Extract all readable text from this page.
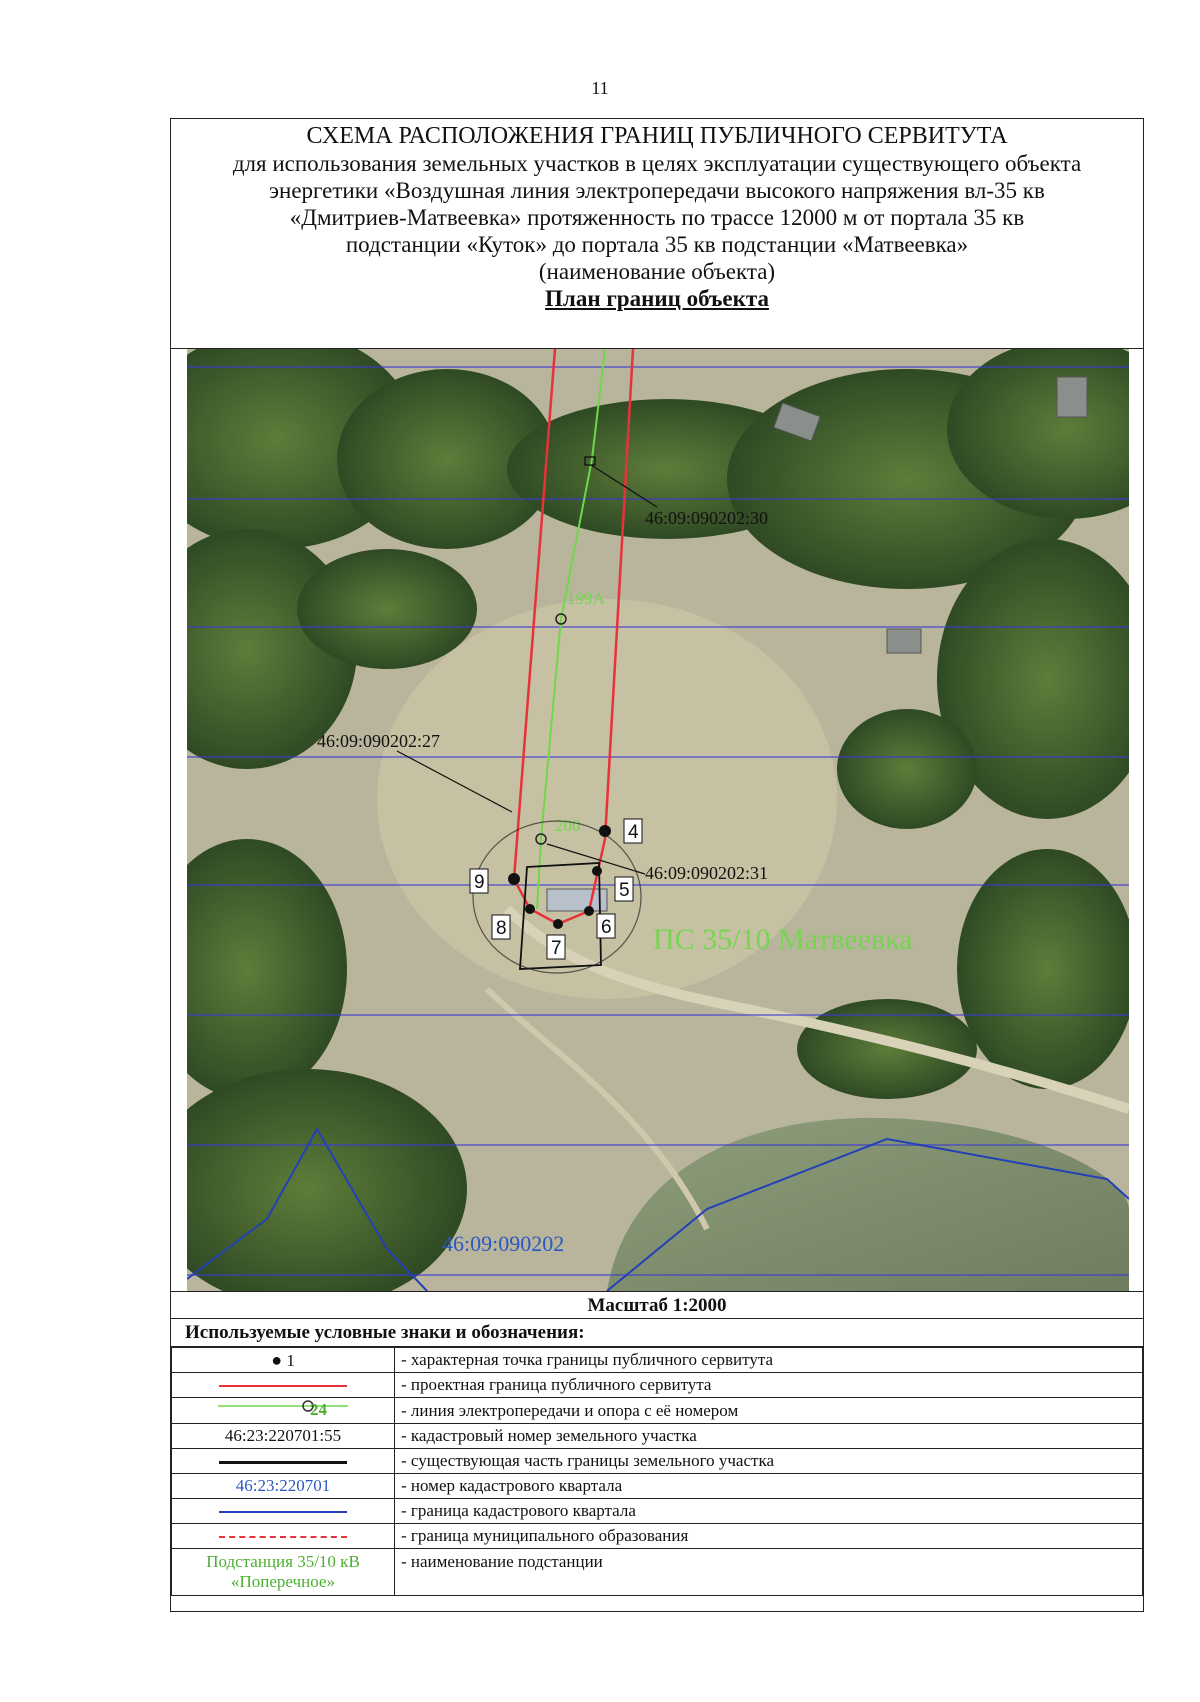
11
СХЕМА РАСПОЛОЖЕНИЯ ГРАНИЦ ПУБЛИЧНОГО СЕРВИТУТА
для использования земельных участков в целях эксплуатации существующего объекта
энергетики «Воздушная линия электропередачи высокого напряжения вл-35 кв
«Дмитриев-Матвеевка» протяженность по трассе 12000 м от портала 35 кв
подстанции «Куток» до портала 35 кв подстанции «Матвеевка»
(наименование объекта)
План границ объекта
199А
200
46:09:090202:30
46:09:090202:27
46:09:090202:31
4
5
6
7
8
9
ПС 35/10 Матвеевка
46:09:090202
Масштаб 1:2000
Используемые условные знаки и обозначения:
● 1	- характерная точка границы публичного сервитута
	- проектная граница публичного сервитута

24	- линия электропередачи и опора с её номером
46:23:220701:55	- кадастровый номер земельного участка
	- существующая часть границы земельного участка
46:23:220701	- номер кадастрового квартала
	- граница кадастрового квартала
	- граница муниципального образования

Подстанция 35/10 кВ
«Поперечное»	- наименование подстанции
